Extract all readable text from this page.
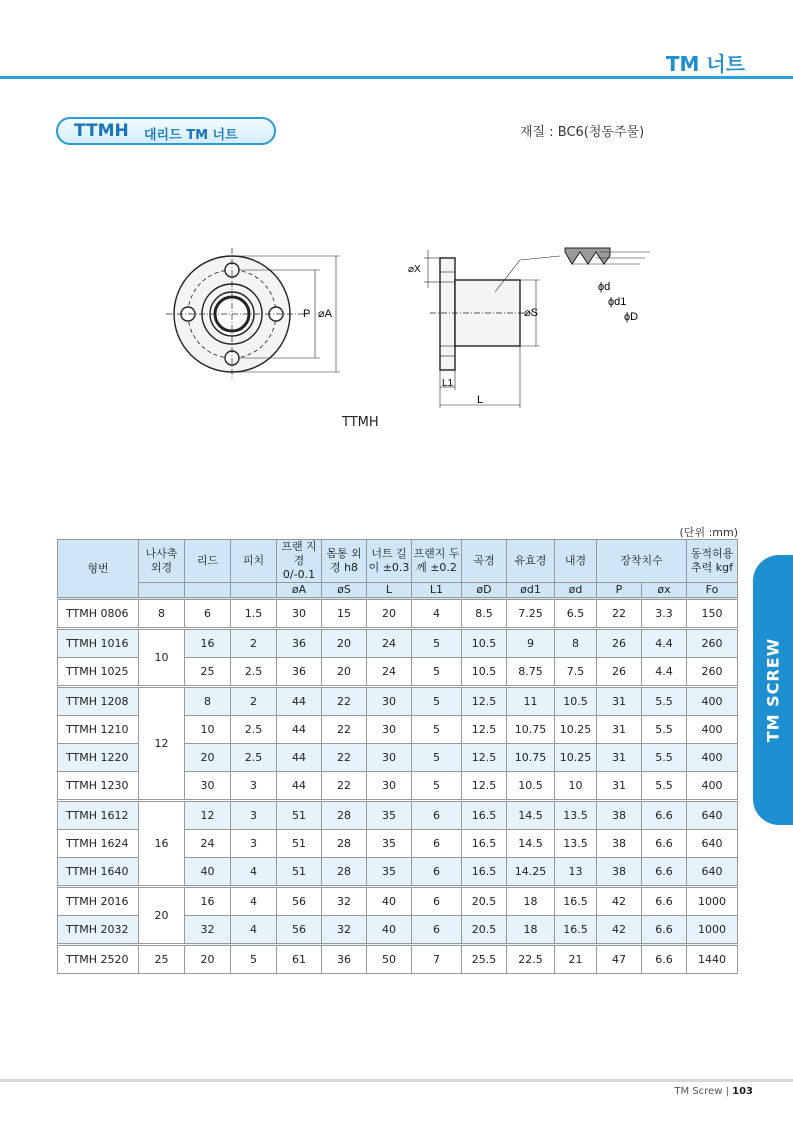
TM 너트
TTMH 대리드 TM 너트	재질 : BC6(청동주물)
P ⌀A
⌀X
⌀S
L1
L
ϕd
ϕd1
ϕD
TTMH
(단위 :mm)
형번	나사축 외경	리드	피치	프랜 지경 0/-0.1	몸통 외경 h8	너트 길이 ±0.3	프랜지 두께 ±0.2	곡경	유효경	내경	장착치수		동적허용 추력 kgf
				øA	øS	L	L1	øD	ød1	ød	P	øx	Fo
TTMH 0806	8	6	1.5	30	15	20	4	8.5	7.25	6.5	22	3.3	150
TTMH 1016	10	16	2	36	20	24	5	10.5	9	8	26	4.4	260
TTMH 1025		25	2.5	36	20	24	5	10.5	8.75	7.5	26	4.4	260
TTMH 1208	12	8	2	44	22	30	5	12.5	11	10.5	31	5.5	400
TTMH 1210		10	2.5	44	22	30	5	12.5	10.75	10.25	31	5.5	400
TTMH 1220		20	2.5	44	22	30	5	12.5	10.75	10.25	31	5.5	400
TTMH 1230		30	3	44	22	30	5	12.5	10.5	10	31	5.5	400
TTMH 1612	16	12	3	51	28	35	6	16.5	14.5	13.5	38	6.6	640
TTMH 1624		24	3	51	28	35	6	16.5	14.5	13.5	38	6.6	640
TTMH 1640		40	4	51	28	35	6	16.5	14.25	13	38	6.6	640
TTMH 2016	20	16	4	56	32	40	6	20.5	18	16.5	42	6.6	1000
TTMH 2032		32	4	56	32	40	6	20.5	18	16.5	42	6.6	1000
TTMH 2520	25	20	5	61	36	50	7	25.5	22.5	21	47	6.6	1440
TM SCREW
TM Screw | 103
